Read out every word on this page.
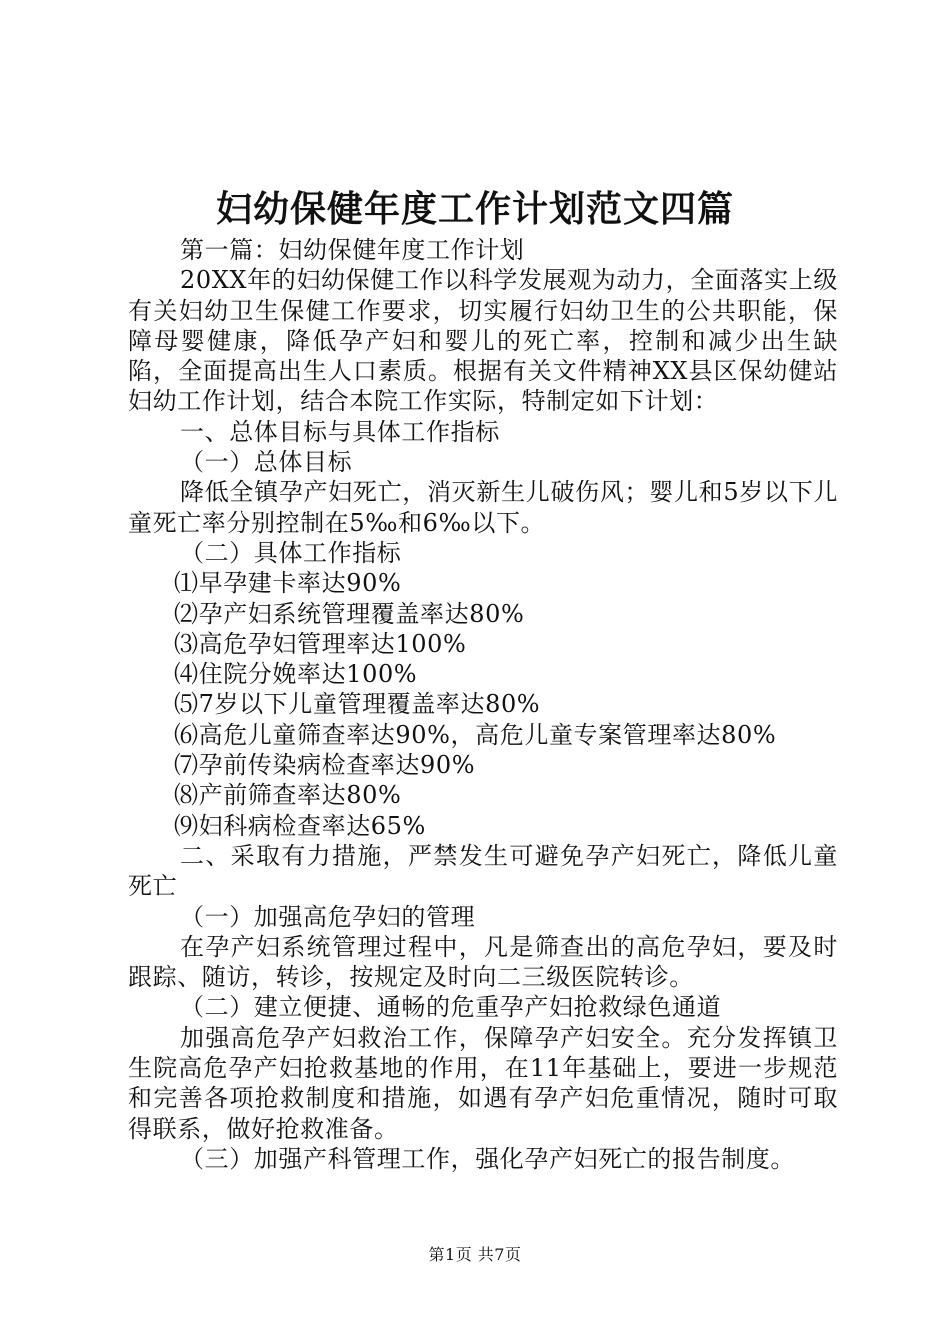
妇幼保健年度工作计划范文四篇

第一篇：妇幼保健年度工作计划

20XX年的妇幼保健工作以科学发展观为动力，全面落实上级有关妇幼卫生保健工作要求，切实履行妇幼卫生的公共职能，保障母婴健康，降低孕产妇和婴儿的死亡率，控制和减少出生缺陷，全面提高出生人口素质。根据有关文件精神XX县区保幼健站妇幼工作计划，结合本院工作实际，特制定如下计划：

一、总体目标与具体工作指标

（一）总体目标

降低全镇孕产妇死亡，消灭新生儿破伤风；婴儿和5岁以下儿童死亡率分别控制在5‰和6‰以下。

（二）具体工作指标

⑴早孕建卡率达90%

⑵孕产妇系统管理覆盖率达80%

⑶高危孕妇管理率达100%

⑷住院分娩率达100%

⑸7岁以下儿童管理覆盖率达80%

⑹高危儿童筛查率达90%，高危儿童专案管理率达80%

⑺孕前传染病检查率达90%

⑻产前筛查率达80%

⑼妇科病检查率达65%

二、采取有力措施，严禁发生可避免孕产妇死亡，降低儿童死亡

（一）加强高危孕妇的管理

在孕产妇系统管理过程中，凡是筛查出的高危孕妇，要及时跟踪、随访，转诊，按规定及时向二三级医院转诊。

（二）建立便捷、通畅的危重孕产妇抢救绿色通道

加强高危孕产妇救治工作，保障孕产妇安全。充分发挥镇卫生院高危孕产妇抢救基地的作用，在11年基础上，要进一步规范和完善各项抢救制度和措施，如遇有孕产妇危重情况，随时可取得联系，做好抢救准备。

（三）加强产科管理工作，强化孕产妇死亡的报告制度。

第1页 共7页
